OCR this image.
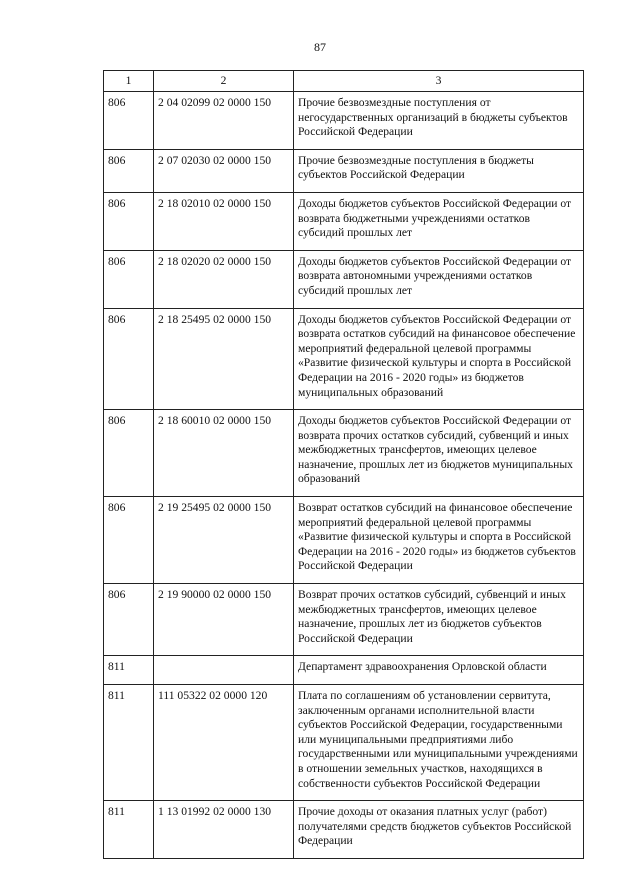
87
1	2	3
806	2 04 02099 02 0000 150	Прочие безвозмездные поступления от негосударственных организаций в бюджеты субъектов Российской Федерации
806	2 07 02030 02 0000 150	Прочие безвозмездные поступления в бюджеты субъектов Российской Федерации
806	2 18 02010 02 0000 150	Доходы бюджетов субъектов Российской Федерации от возврата бюджетными учреждениями остатков субсидий прошлых лет
806	2 18 02020 02 0000 150	Доходы бюджетов субъектов Российской Федерации от возврата автономными учреждениями остатков субсидий прошлых лет
806	2 18 25495 02 0000 150	Доходы бюджетов субъектов Российской Федерации от возврата остатков субсидий на финансовое обеспечение мероприятий федеральной целевой программы «Развитие физической культуры и спорта в Российской Федерации на 2016 - 2020 годы» из бюджетов муниципальных образований
806	2 18 60010 02 0000 150	Доходы бюджетов субъектов Российской Федерации от возврата прочих остатков субсидий, субвенций и иных межбюджетных трансфертов, имеющих целевое назначение, прошлых лет из бюджетов муниципальных образований
806	2 19 25495 02 0000 150	Возврат остатков субсидий на финансовое обеспечение мероприятий федеральной целевой программы «Развитие физической культуры и спорта в Российской Федерации на 2016 - 2020 годы» из бюджетов субъектов Российской Федерации
806	2 19 90000 02 0000 150	Возврат прочих остатков субсидий, субвенций и иных межбюджетных трансфертов, имеющих целевое назначение, прошлых лет из бюджетов субъектов Российской Федерации
811		Департамент здравоохранения Орловской области
811	111 05322 02 0000 120	Плата по соглашениям об установлении сервитута, заключенным органами исполнительной власти субъектов Российской Федерации, государственными или муниципальными предприятиями либо государственными или муниципальными учреждениями в отношении земельных участков, находящихся в собственности субъектов Российской Федерации
811	1 13 01992 02 0000 130	Прочие доходы от оказания платных услуг (работ) получателями средств бюджетов субъектов Российской Федерации
